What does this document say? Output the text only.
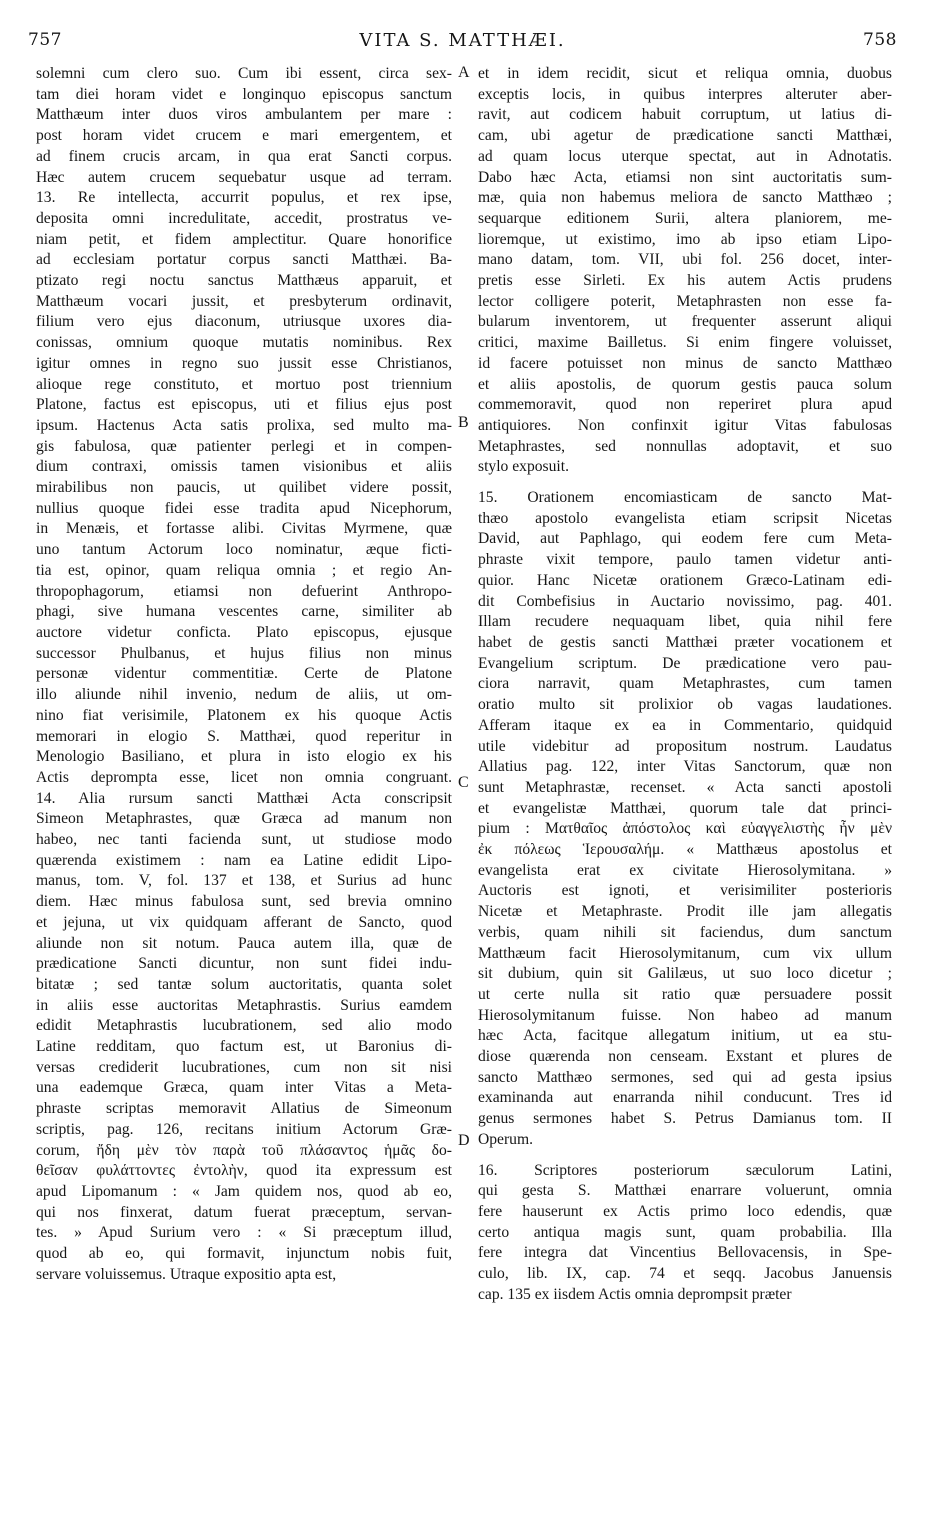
757	VITA S. MATTHÆI.	758

solemni cum clero suo. Cum ibi essent, circa sex-

tam diei horam videt e longinquo episcopus sanctum

Matthæum inter duos viros ambulantem per mare :

post horam videt crucem e mari emergentem, et

ad finem crucis arcam, in qua erat Sancti corpus.

Hæc autem crucem sequebatur usque ad terram.

13. Re intellecta, accurrit populus, et rex ipse,

deposita omni incredulitate, accedit, prostratus ve-

niam petit, et fidem amplectitur. Quare honorifice

ad ecclesiam portatur corpus sancti Matthæi. Ba-

ptizato regi noctu sanctus Matthæus apparuit, et

Matthæum vocari jussit, et presbyterum ordinavit,

filium vero ejus diaconum, utriusque uxores dia-

conissas, omnium quoque mutatis nominibus. Rex

igitur omnes in regno suo jussit esse Christianos,

alioque rege constituto, et mortuo post triennium

Platone, factus est episcopus, uti et filius ejus post

ipsum. Hactenus Acta satis prolixa, sed multo ma-

gis fabulosa, quæ patienter perlegi et in compen-

dium contraxi, omissis tamen visionibus et aliis

mirabilibus non paucis, ut quilibet videre possit,

nullius quoque fidei esse tradita apud Nicephorum,

in Menæis, et fortasse alibi. Civitas Myrmene, quæ

uno tantum Actorum loco nominatur, æque ficti-

tia est, opinor, quam reliqua omnia ; et regio An-

thropophagorum, etiamsi non defuerint Anthropo-

phagi, sive humana vescentes carne, similiter ab

auctore videtur conficta. Plato episcopus, ejusque

successor Phulbanus, et hujus filius non minus

personæ videntur commentitiæ. Certe de Platone

illo aliunde nihil invenio, nedum de aliis, ut om-

nino fiat verisimile, Platonem ex his quoque Actis

memorari in elogio S. Matthæi, quod reperitur in

Menologio Basiliano, et plura in isto elogio ex his

Actis deprompta esse, licet non omnia congruant.

14. Alia rursum sancti Matthæi Acta conscripsit

Simeon Metaphrastes, quæ Græca ad manum non

habeo, nec tanti facienda sunt, ut studiose modo

quærenda existimem : nam ea Latine edidit Lipo-

manus, tom. V, fol. 137 et 138, et Surius ad hunc

diem. Hæc minus fabulosa sunt, sed brevia omnino

et jejuna, ut vix quidquam afferant de Sancto, quod

aliunde non sit notum. Pauca autem illa, quæ de

prædicatione Sancti dicuntur, non sunt fidei indu-

bitatæ ; sed tantæ solum auctoritatis, quanta solet

in aliis esse auctoritas Metaphrastis. Surius eamdem

edidit Metaphrastis lucubrationem, sed alio modo

Latine redditam, quo factum est, ut Baronius di-

versas crediderit lucubrationes, cum non sit nisi

una eademque Græca, quam inter Vitas a Meta-

phraste scriptas memoravit Allatius de Simeonum

scriptis, pag. 126, recitans initium Actorum Græ-

corum, ἤδη μὲν τὸν παρὰ τοῦ πλάσαντος ἡμᾶς δο-

θεῖσαν φυλάττοντες ἐντολὴν, quod ita expressum est

apud Lipomanum : « Jam quidem nos, quod ab eo,

qui nos finxerat, datum fuerat præceptum, servan-

tes. » Apud Surium vero : « Si præceptum illud,

quod ab eo, qui formavit, injunctum nobis fuit,

servare voluissemus. Utraque expositio apta est,

et in idem recidit, sicut et reliqua omnia, duobus

exceptis locis, in quibus interpres alteruter aber-

ravit, aut codicem habuit corruptum, ut latius di-

cam, ubi agetur de prædicatione sancti Matthæi,

ad quam locus uterque spectat, aut in Adnotatis.

Dabo hæc Acta, etiamsi non sint auctoritatis sum-

mæ, quia non habemus meliora de sancto Matthæo ;

sequarque editionem Surii, altera planiorem, me-

lioremque, ut existimo, imo ab ipso etiam Lipo-

mano datam, tom. VII, ubi fol. 256 docet, inter-

pretis esse Sirleti. Ex his autem Actis prudens

lector colligere poterit, Metaphrasten non esse fa-

bularum inventorem, ut frequenter asserunt aliqui

critici, maxime Bailletus. Si enim fingere voluisset,

id facere potuisset non minus de sancto Matthæo

et aliis apostolis, de quorum gestis pauca solum

commemoravit, quod non reperiret plura apud

antiquiores. Non confinxit igitur Vitas fabulosas

Metaphrastes, sed nonnullas adoptavit, et suo

stylo exposuit.

15. Orationem encomiasticam de sancto Mat-

thæo apostolo evangelista etiam scripsit Nicetas

David, aut Paphlago, qui eodem fere cum Meta-

phraste vixit tempore, paulo tamen videtur anti-

quior. Hanc Nicetæ orationem Græco-Latinam edi-

dit Combefisius in Auctario novissimo, pag. 401.

Illam recudere nequaquam libet, quia nihil fere

habet de gestis sancti Matthæi præter vocationem et

Evangelium scriptum. De prædicatione vero pau-

ciora narravit, quam Metaphrastes, cum tamen

oratio multo sit prolixior ob vagas laudationes.

Afferam itaque ex ea in Commentario, quidquid

utile videbitur ad propositum nostrum. Laudatus

Allatius pag. 122, inter Vitas Sanctorum, quæ non

sunt Metaphrastæ, recenset. « Acta sancti apostoli

et evangelistæ Matthæi, quorum tale dat princi-

pium : Ματθαῖος ἀπόστολος καὶ εὐαγγελιστὴς ἦν μὲν

ἐκ πόλεως Ἱερουσαλήμ. « Matthæus apostolus et

evangelista erat ex civitate Hierosolymitana. »

Auctoris est ignoti, et verisimiliter posterioris

Nicetæ et Metaphraste. Prodit ille jam allegatis

verbis, quam nihili sit faciendus, dum sanctum

Matthæum facit Hierosolymitanum, cum vix ullum

sit dubium, quin sit Galilæus, ut suo loco dicetur ;

ut certe nulla sit ratio quæ persuadere possit

Hierosolymitanum fuisse. Non habeo ad manum

hæc Acta, facitque allegatum initium, ut ea stu-

diose quærenda non censeam. Exstant et plures de

sancto Matthæo sermones, sed qui ad gesta ipsius

examinanda aut enarranda nihil conducunt. Tres id

genus sermones habet S. Petrus Damianus tom. II

Operum.

16. Scriptores posteriorum sæculorum Latini,

qui gesta S. Matthæi enarrare voluerunt, omnia

fere hauserunt ex Actis primo loco edendis, quæ

certo antiqua magis sunt, quam probabilia. Illa

fere integra dat Vincentius Bellovacensis, in Spe-

culo, lib. IX, cap. 74 et seqq. Jacobus Januensis

cap. 135 ex iisdem Actis omnia deprompsit præter

A
B
C
D
